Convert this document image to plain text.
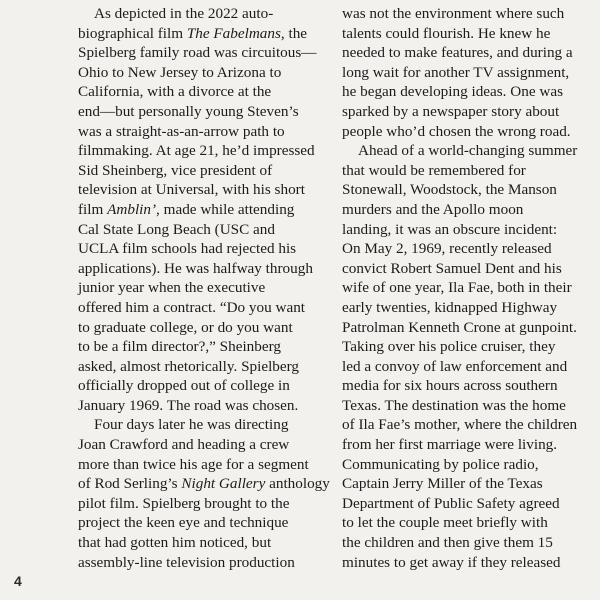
As depicted in the 2022 auto-
biographical film The Fabelmans, the
Spielberg family road was circuitous—
Ohio to New Jersey to Arizona to
California, with a divorce at the
end—but personally young Steven’s
was a straight-as-an-arrow path to
filmmaking. At age 21, he’d impressed
Sid Sheinberg, vice president of
television at Universal, with his short
film Amblin’, made while attending
Cal State Long Beach (USC and
UCLA film schools had rejected his
applications). He was halfway through
junior year when the executive
offered him a contract. “Do you want
to graduate college, or do you want
to be a film director?,” Sheinberg
asked, almost rhetorically. Spielberg
officially dropped out of college in
January 1969. The road was chosen.
Four days later he was directing
Joan Crawford and heading a crew
more than twice his age for a segment
of Rod Serling’s Night Gallery anthology
pilot film. Spielberg brought to the
project the keen eye and technique
that had gotten him noticed, but
assembly-line television production
was not the environment where such
talents could flourish. He knew he
needed to make features, and during a
long wait for another TV assignment,
he began developing ideas. One was
sparked by a newspaper story about
people who’d chosen the wrong road.
Ahead of a world-changing summer
that would be remembered for
Stonewall, Woodstock, the Manson
murders and the Apollo moon
landing, it was an obscure incident:
On May 2, 1969, recently released
convict Robert Samuel Dent and his
wife of one year, Ila Fae, both in their
early twenties, kidnapped Highway
Patrolman Kenneth Crone at gunpoint.
Taking over his police cruiser, they
led a convoy of law enforcement and
media for six hours across southern
Texas. The destination was the home
of Ila Fae’s mother, where the children
from her first marriage were living.
Communicating by police radio,
Captain Jerry Miller of the Texas
Department of Public Safety agreed
to let the couple meet briefly with
the children and then give them 15
minutes to get away if they released
4
